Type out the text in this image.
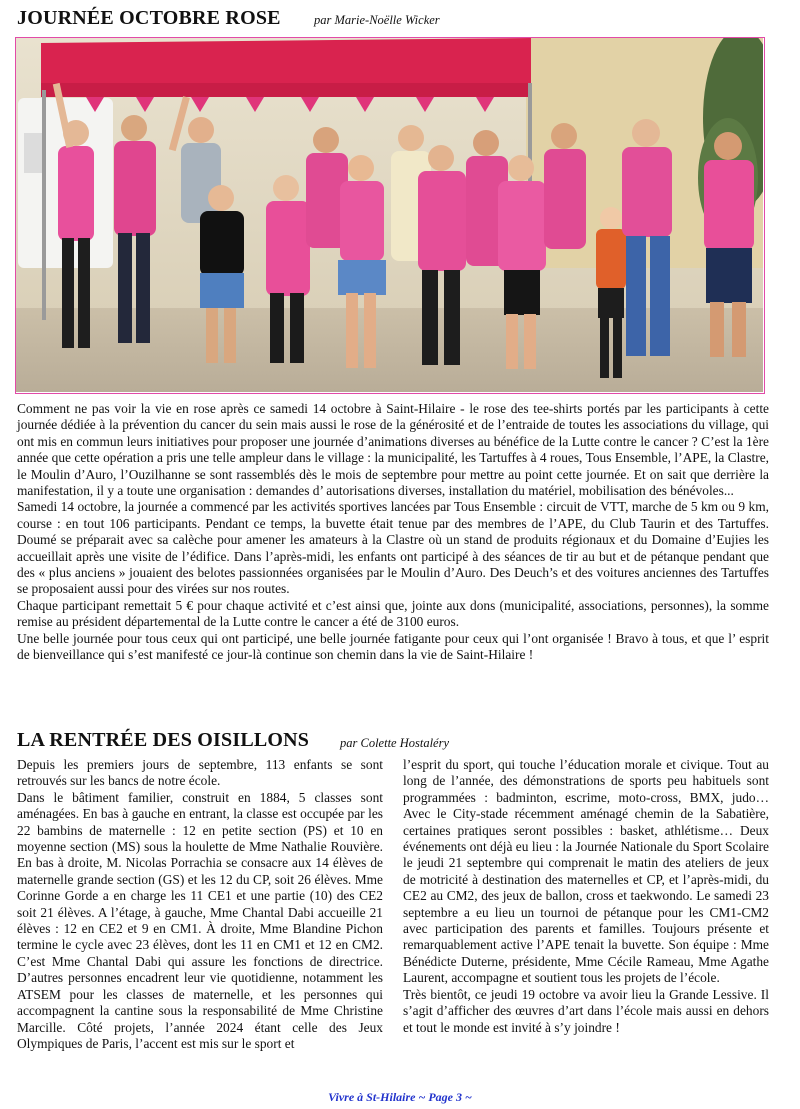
JOURNÉE OCTOBRE ROSE	par Marie-Noëlle Wicker

Comment ne pas voir la vie en rose après ce samedi 14 octobre à Saint-Hilaire - le rose des tee-shirts portés par les participants à cette journée dédiée à la prévention du cancer du sein mais aussi le rose de la générosité et de l’entraide de toutes les associations du village, qui ont mis en commun leurs initiatives pour proposer une journée d’animations diverses au bénéfice de la Lutte contre le cancer ? C’est la 1ère année que cette opération a pris une telle ampleur dans le village : la municipalité, les Tartuffes à 4 roues, Tous Ensemble, l’APE, la Clastre, le Moulin d’Auro, l’Ouzilhanne se sont rassemblés dès le mois de septembre pour mettre au point cette journée. Et on sait que derrière la manifestation, il y a toute une organisation : demandes d’ autorisations diverses, installation du matériel, mobilisation des bénévoles...

Samedi 14 octobre, la journée a commencé par les activités sportives lancées par Tous Ensemble : circuit de VTT, marche de 5 km ou 9 km, course : en tout 106 participants. Pendant ce temps, la buvette était tenue par des membres de l’APE, du Club Taurin et des Tartuffes. Doumé se préparait avec sa calèche pour amener les amateurs à la Clastre où un stand de produits régionaux et du Domaine d’Eujies les accueillait après une visite de l’édifice. Dans l’après-midi, les enfants ont participé à des séances de tir au but et de pétanque pendant que des « plus anciens » jouaient des belotes passionnées organisées par le Moulin d’Auro. Des Deuch’s et des voitures anciennes des Tartuffes se proposaient aussi pour des virées sur nos routes.

Chaque participant remettait 5 € pour chaque activité et c’est ainsi que, jointe aux dons (municipalité, associations, personnes), la somme remise au président départemental de la Lutte contre le cancer a été de 3100 euros.

Une belle journée pour tous ceux qui ont participé, une belle journée fatigante pour ceux qui l’ont organisée ! Bravo à tous, et que l’ esprit de bienveillance qui s’est manifesté ce jour-là continue son chemin dans la vie de Saint-Hilaire !

LA RENTRÉE DES OISILLONS par Colette Hostaléry

Depuis les premiers jours de septembre, 113 enfants se sont retrouvés sur les bancs de notre école.

Dans le bâtiment familier, construit en 1884, 5 classes sont aménagées. En bas à gauche en entrant, la classe est occupée par les 22 bambins de maternelle : 12 en petite section (PS) et 10 en moyenne section (MS) sous la houlette de Mme Nathalie Rouvière. En bas à droite, M. Nicolas Porrachia se consacre aux 14 élèves de maternelle grande section (GS) et les 12 du CP, soit 26 élèves. Mme Corinne Gorde a en charge les 11 CE1 et une partie (10) des CE2 soit 21 élèves. A l’étage, à gauche, Mme Chantal Dabi accueille 21 élèves : 12 en CE2 et 9 en CM1. À droite, Mme Blandine Pichon termine le cycle avec 23 élèves, dont les 11 en CM1 et 12 en CM2. C’est Mme Chantal Dabi qui assure les fonctions de directrice. D’autres personnes encadrent leur vie quotidienne, notamment les ATSEM pour les classes de maternelle, et les personnes qui accompagnent la cantine sous la responsabilité de Mme Christine Marcille. Côté projets, l’année 2024 étant celle des Jeux Olympiques de Paris, l’accent est mis sur le sport et

l’esprit du sport, qui touche l’éducation morale et civique. Tout au long de l’année, des démonstrations de sports peu habituels sont programmées : badminton, escrime, moto-cross, BMX, judo… Avec le City-stade récemment aménagé chemin de la Sabatière, certaines pratiques seront possibles : basket, athlétisme… Deux événements ont déjà eu lieu : la Journée Nationale du Sport Scolaire le jeudi 21 septembre qui comprenait le matin des ateliers de jeux de motricité à destination des maternelles et CP, et l’après-midi, du CE2 au CM2, des jeux de ballon, cross et taekwondo. Le samedi 23 septembre a eu lieu un tournoi de pétanque pour les CM1-CM2 avec participation des parents et familles. Toujours présente et remarquablement active l’APE tenait la buvette. Son équipe : Mme Bénédicte Duterne, présidente, Mme Cécile Rameau, Mme Agathe Laurent, accompagne et soutient tous les projets de l’école.

Très bientôt, ce jeudi 19 octobre va avoir lieu la Grande Lessive. Il s’agit d’afficher des œuvres d’art dans l’école mais aussi en dehors et tout le monde est invité à s’y joindre !

Vivre à St-Hilaire ~ Page 3 ~
